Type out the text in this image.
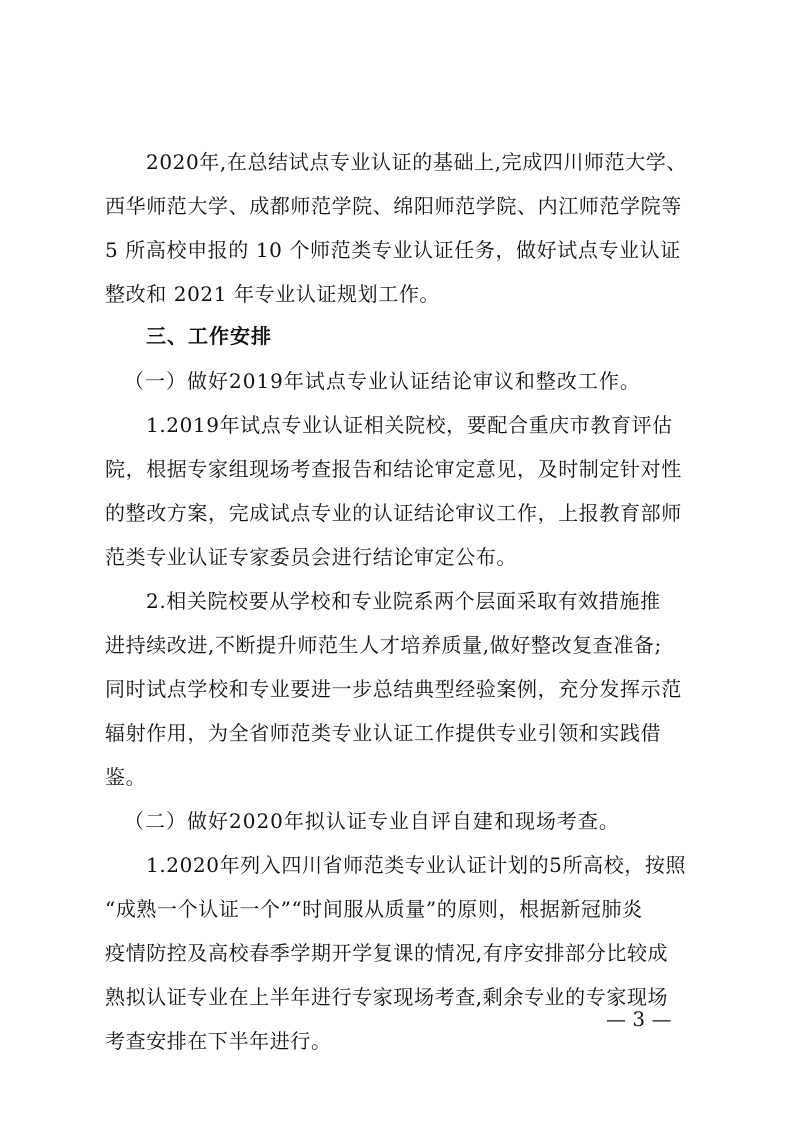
2020年,在总结试点专业认证的基础上,完成四川师范大学、
西华师范大学、成都师范学院、绵阳师范学院、内江师范学院等
5 所高校申报的 10 个师范类专业认证任务，做好试点专业认证
整改和 2021 年专业认证规划工作。
三、工作安排
（一）做好2019年试点专业认证结论审议和整改工作。
1.2019年试点专业认证相关院校，要配合重庆市教育评估
院，根据专家组现场考查报告和结论审定意见，及时制定针对性
的整改方案，完成试点专业的认证结论审议工作，上报教育部师
范类专业认证专家委员会进行结论审定公布。
2.相关院校要从学校和专业院系两个层面采取有效措施推
进持续改进,不断提升师范生人才培养质量,做好整改复查准备;
同时试点学校和专业要进一步总结典型经验案例，充分发挥示范
辐射作用，为全省师范类专业认证工作提供专业引领和实践借
鉴。
（二）做好2020年拟认证专业自评自建和现场考查。
1.2020年列入四川省师范类专业认证计划的5所高校，按照
“成熟一个认证一个”“时间服从质量”的原则，根据新冠肺炎
疫情防控及高校春季学期开学复课的情况,有序安排部分比较成
熟拟认证专业在上半年进行专家现场考查,剩余专业的专家现场
考查安排在下半年进行。
— 3 —
